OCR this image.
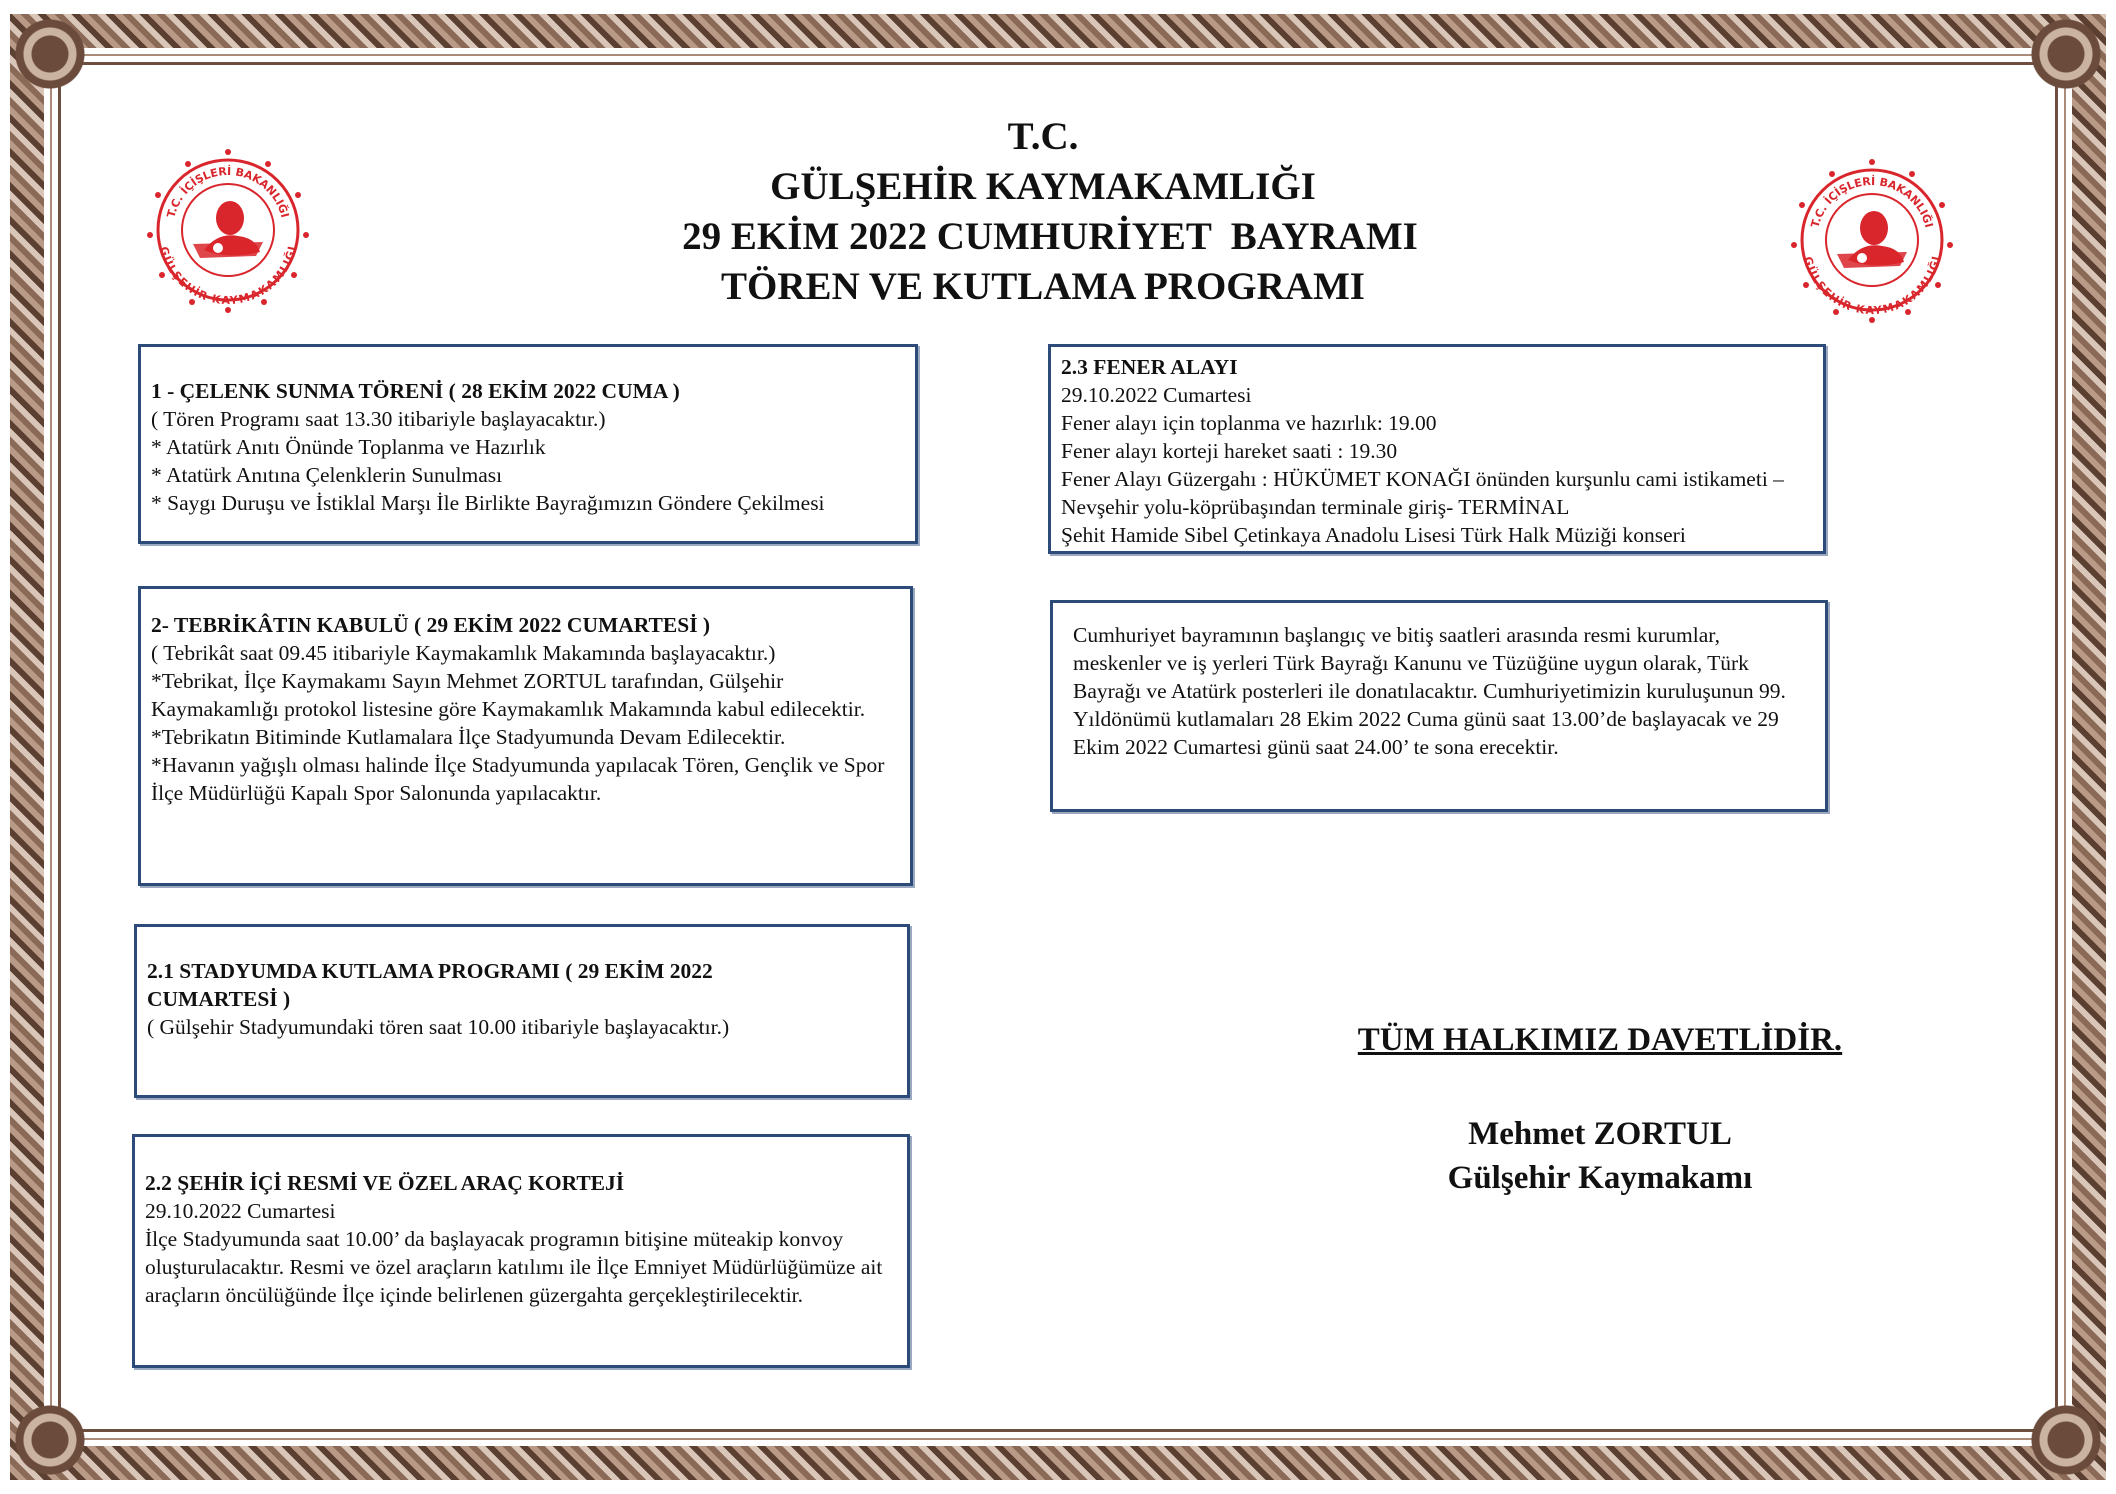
T.C. İÇİŞLERİ BAKANLIĞI
GÜLŞEHİR KAYMAKAMLIĞI
T.C. İÇİŞLERİ BAKANLIĞI
GÜLŞEHİR KAYMAKAMLIĞI
T.C.
GÜLŞEHİR KAYMAKAMLIĞI
29 EKİM 2022 CUMHURİYET  BAYRAMI
TÖREN VE KUTLAMA PROGRAMI

1 - ÇELENK SUNMA TÖRENİ ( 28 EKİM 2022 CUMA )

( Tören Programı saat 13.30 itibariyle başlayacaktır.)

* Atatürk Anıtı Önünde Toplanma ve Hazırlık

* Atatürk Anıtına Çelenklerin Sunulması

* Saygı Duruşu ve İstiklal Marşı İle Birlikte Bayrağımızın Göndere Çekilmesi

2- TEBRİKÂTIN KABULÜ ( 29 EKİM 2022 CUMARTESİ )

( Tebrikât saat 09.45 itibariyle Kaymakamlık Makamında başlayacaktır.)

*Tebrikat, İlçe Kaymakamı Sayın Mehmet ZORTUL tarafından, Gülşehir Kaymakamlığı protokol listesine göre Kaymakamlık Makamında kabul edilecektir.

*Tebrikatın Bitiminde Kutlamalara İlçe Stadyumunda Devam Edilecektir.

*Havanın yağışlı olması halinde İlçe Stadyumunda yapılacak Tören, Gençlik ve Spor İlçe Müdürlüğü Kapalı Spor Salonunda yapılacaktır.

2.1 STADYUMDA KUTLAMA PROGRAMI ( 29 EKİM 2022 CUMARTESİ )

( Gülşehir Stadyumundaki tören saat 10.00 itibariyle başlayacaktır.)

2.2 ŞEHİR İÇİ RESMİ VE ÖZEL ARAÇ KORTEJİ

29.10.2022 Cumartesi

İlçe Stadyumunda saat 10.00’ da başlayacak programın bitişine müteakip konvoy oluşturulacaktır. Resmi ve özel araçların katılımı ile İlçe Emniyet Müdürlüğümüze ait araçların öncülüğünde İlçe içinde belirlenen güzergahta gerçekleştirilecektir.

2.3 FENER ALAYI

29.10.2022 Cumartesi

Fener alayı için toplanma ve hazırlık: 19.00

Fener alayı korteji hareket saati : 19.30

Fener Alayı Güzergahı : HÜKÜMET KONAĞI önünden kurşunlu cami istikameti – Nevşehir yolu-köprübaşından terminale giriş- TERMİNAL

Şehit Hamide Sibel Çetinkaya Anadolu Lisesi Türk Halk Müziği konseri

Cumhuriyet bayramının başlangıç ve bitiş saatleri arasında resmi kurumlar, meskenler ve iş yerleri Türk Bayrağı Kanunu ve Tüzüğüne uygun olarak, Türk Bayrağı ve Atatürk posterleri ile donatılacaktır. Cumhuriyetimizin kuruluşunun 99. Yıldönümü kutlamaları 28 Ekim 2022 Cuma günü saat 13.00’de başlayacak ve 29 Ekim 2022 Cumartesi günü saat 24.00’ te sona erecektir.

TÜM HALKIMIZ DAVETLİDİR.
Mehmet ZORTUL
Gülşehir Kaymakamı
